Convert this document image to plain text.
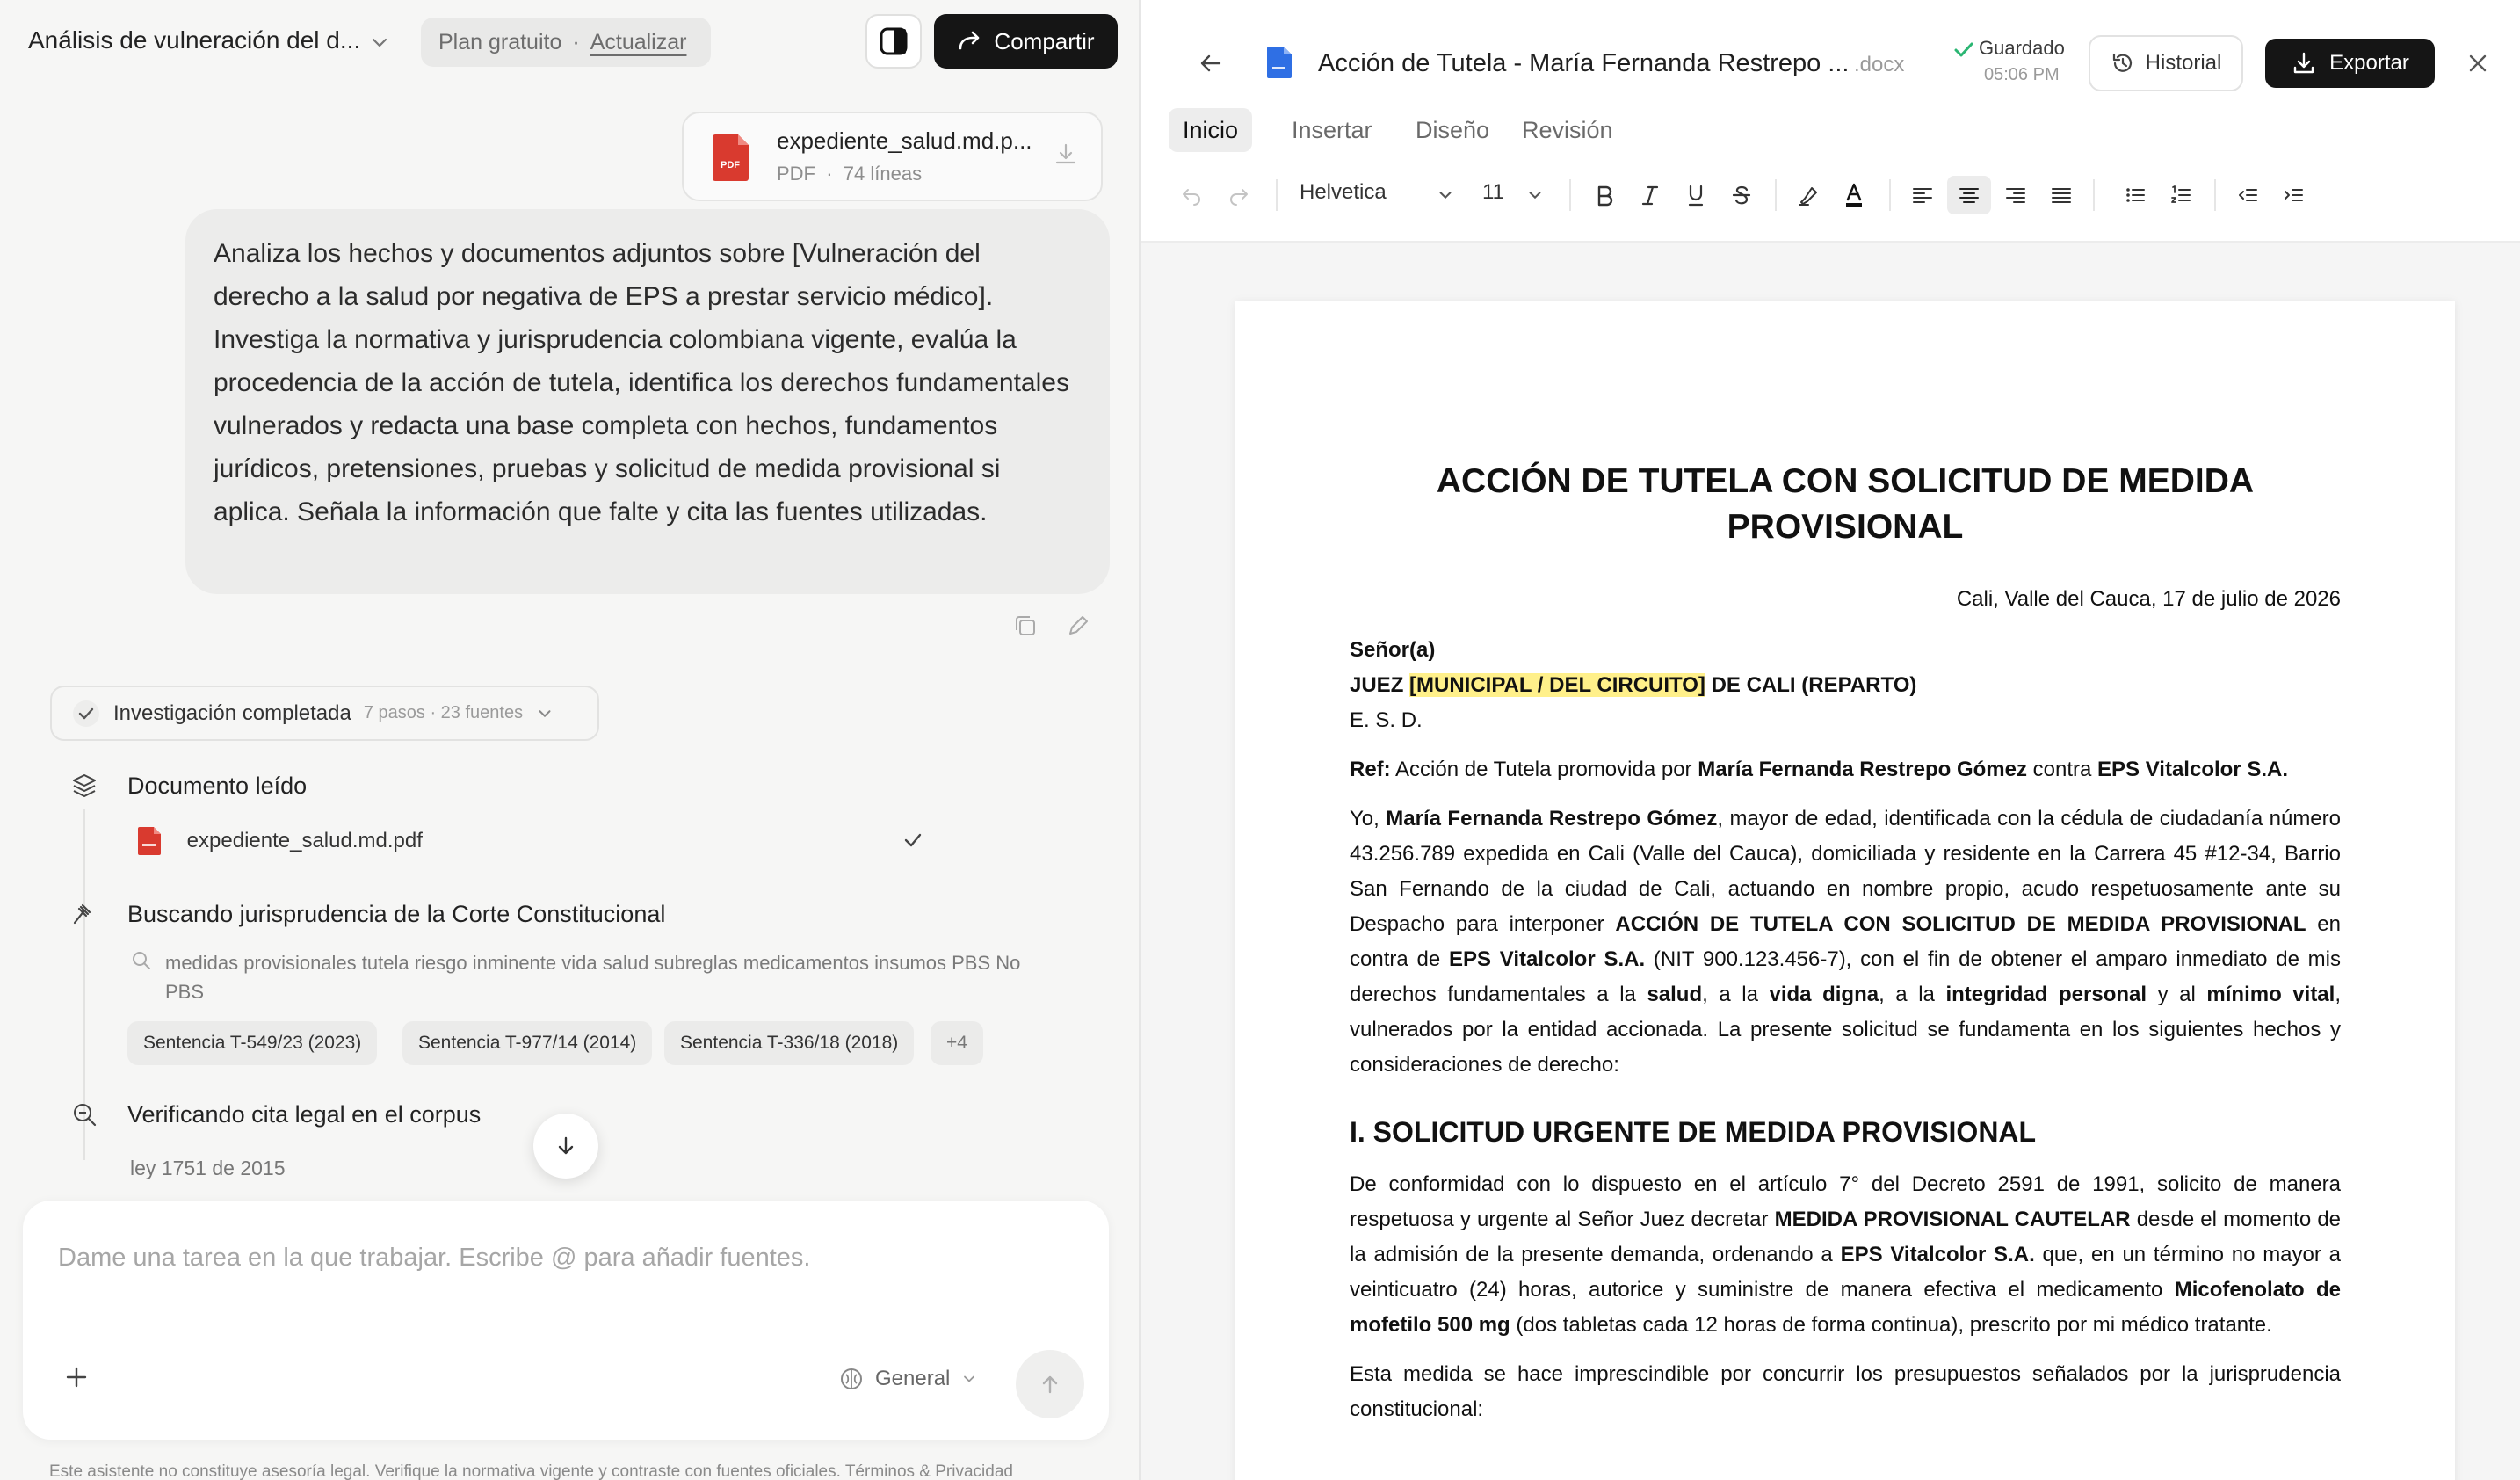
Análisis de vulneración del d...	Plan gratuito · Actualizar	Compartir
PDF
expediente_salud.md.p...
PDF · 74 líneas

Analiza los hechos y documentos adjuntos sobre [Vulneración del derecho a la salud por negativa de EPS a prestar servicio médico]. Investiga la normativa y jurisprudencia colombiana vigente, evalúa la procedencia de la acción de tutela, identifica los derechos fundamentales vulnerados y redacta una base completa con hechos, fundamentos jurídicos, pretensiones, pruebas y solicitud de medida provisional si aplica. Señala la información que falte y cita las fuentes utilizadas.

Investigación completada 7 pasos · 23 fuentes
Documento leído
expediente_salud.md.pdf
Buscando jurisprudencia de la Corte Constitucional
medidas provisionales tutela riesgo inminente vida salud subreglas medicamentos insumos PBS No PBS
Sentencia T-549/23 (2023)	Sentencia T-977/14 (2014)	Sentencia T-336/18 (2018)	+4
Verificando cita legal en el corpus
ley 1751 de 2015
Dame una tarea en la que trabajar. Escribe @ para añadir fuentes.
General
Este asistente no constituye asesoría legal. Verifique la normativa vigente y contraste con fuentes oficiales. Términos & Privacidad
Acción de Tutela - María Fernanda Restrepo ... .docx
Guardado
05:06 PM	Historial	Exportar
Inicio	Insertar	Diseño	Revisión
Helvetica	11
ACCIÓN DE TUTELA CON SOLICITUD DE MEDIDA PROVISIONAL
Cali, Valle del Cauca, 17 de julio de 2026
Señor(a)
JUEZ [MUNICIPAL / DEL CIRCUITO] DE CALI (REPARTO)
E. S. D.
Ref: Acción de Tutela promovida por María Fernanda Restrepo Gómez contra EPS Vitalcolor S.A.
Yo, María Fernanda Restrepo Gómez, mayor de edad, identificada con la cédula de ciudadanía número 43.256.789 expedida en Cali (Valle del Cauca), domiciliada y residente en la Carrera 45 #12-34, Barrio San Fernando de la ciudad de Cali, actuando en nombre propio, acudo respetuosamente ante su Despacho para interponer ACCIÓN DE TUTELA CON SOLICITUD DE MEDIDA PROVISIONAL en contra de EPS Vitalcolor S.A. (NIT 900.123.456-7), con el fin de obtener el amparo inmediato de mis derechos fundamentales a la salud, a la vida digna, a la integridad personal y al mínimo vital, vulnerados por la entidad accionada. La presente solicitud se fundamenta en los siguientes hechos y consideraciones de derecho:
I. SOLICITUD URGENTE DE MEDIDA PROVISIONAL
De conformidad con lo dispuesto en el artículo 7° del Decreto 2591 de 1991, solicito de manera respetuosa y urgente al Señor Juez decretar MEDIDA PROVISIONAL CAUTELAR desde el momento de la admisión de la presente demanda, ordenando a EPS Vitalcolor S.A. que, en un término no mayor a veinticuatro (24) horas, autorice y suministre de manera efectiva el medicamento Micofenolato de mofetilo 500 mg (dos tabletas cada 12 horas de forma continua), prescrito por mi médico tratante.
Esta medida se hace imprescindible por concurrir los presupuestos señalados por la jurisprudencia constitucional:
